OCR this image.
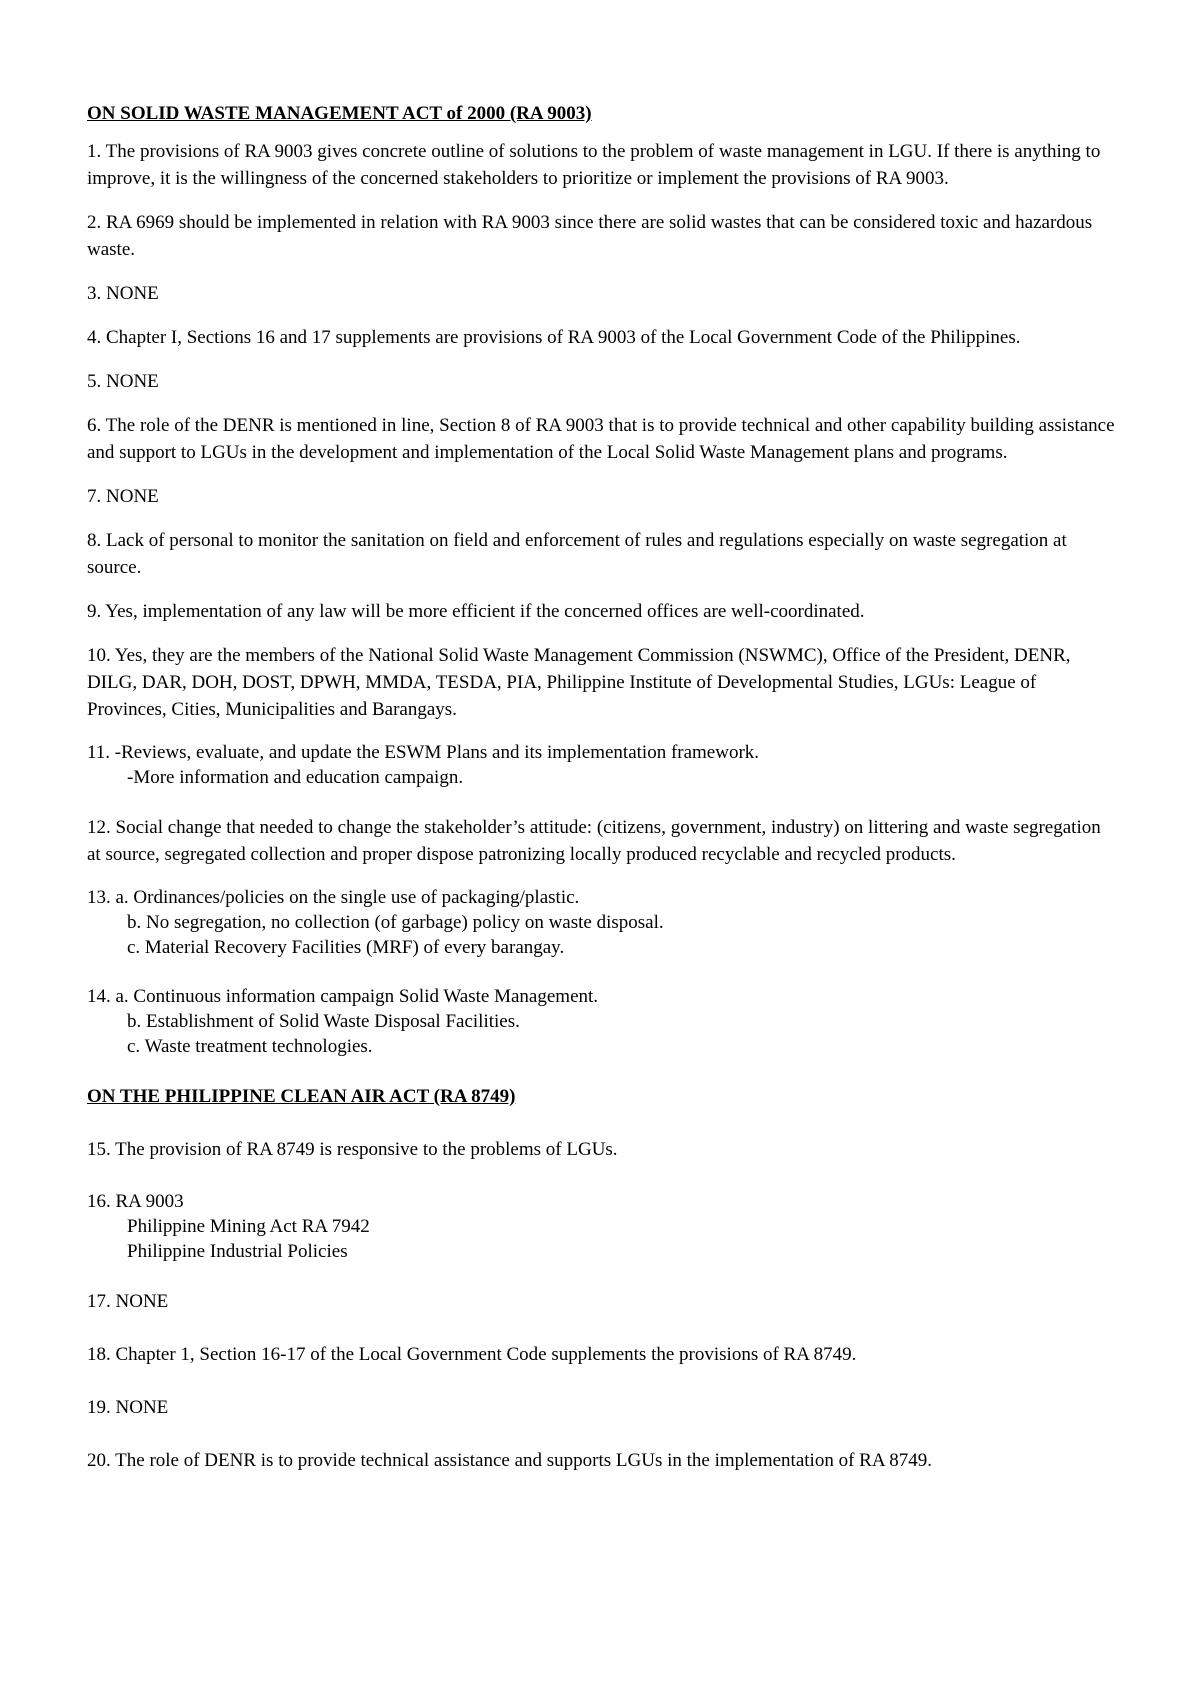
ON SOLID WASTE MANAGEMENT ACT of 2000 (RA 9003)
1. The provisions of RA 9003 gives concrete outline of solutions to the problem of waste management in LGU. If there is anything to improve, it is the willingness of the concerned stakeholders to prioritize or implement the provisions of RA 9003.
2. RA 6969 should be implemented in relation with RA 9003 since there are solid wastes that can be considered toxic and hazardous waste.
3. NONE
4. Chapter I, Sections 16 and 17 supplements are provisions of RA 9003 of the Local Government Code of the Philippines.
5. NONE
6. The role of the DENR is mentioned in line, Section 8 of RA 9003 that is to provide technical and other capability building assistance and support to LGUs in the development and implementation of the Local Solid Waste Management plans and programs.
7. NONE
8. Lack of personal to monitor the sanitation on field and enforcement of rules and regulations especially on waste segregation at source.
9. Yes, implementation of any law will be more efficient if the concerned offices are well-coordinated.
10. Yes, they are the members of the National Solid Waste Management Commission (NSWMC), Office of the President, DENR, DILG, DAR, DOH, DOST, DPWH, MMDA, TESDA, PIA, Philippine Institute of Developmental Studies, LGUs: League of Provinces, Cities, Municipalities and Barangays.
11. -Reviews, evaluate, and update the ESWM Plans and its implementation framework.
-More information and education campaign.
12. Social change that needed to change the stakeholder’s attitude: (citizens, government, industry) on littering and waste segregation at source, segregated collection and proper dispose patronizing locally produced recyclable and recycled products.
13. a. Ordinances/policies on the single use of packaging/plastic.
b. No segregation, no collection (of garbage) policy on waste disposal.
c. Material Recovery Facilities (MRF) of every barangay.
14. a. Continuous information campaign Solid Waste Management.
b. Establishment of Solid Waste Disposal Facilities.
c. Waste treatment technologies.
ON THE PHILIPPINE CLEAN AIR ACT (RA 8749)
15. The provision of RA 8749 is responsive to the problems of LGUs.
16. RA 9003
Philippine Mining Act RA 7942
Philippine Industrial Policies
17. NONE
18. Chapter 1, Section 16-17 of the Local Government Code supplements the provisions of RA 8749.
19. NONE
20. The role of DENR is to provide technical assistance and supports LGUs in the implementation of RA 8749.
